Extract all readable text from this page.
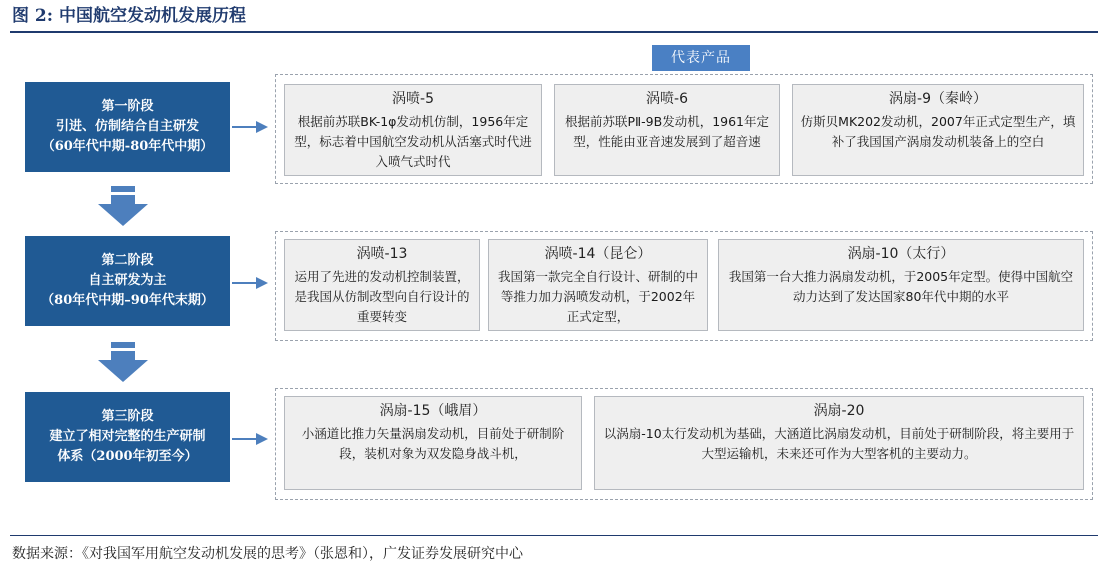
图 2: 中国航空发动机发展历程
代表产品
第一阶段
引进、仿制结合自主研发
（60年代中期-80年代中期）
涡喷-5
根据前苏联BK-1φ发动机仿制，1956年定型，标志着中国航空发动机从活塞式时代进入喷气式时代
涡喷-6
根据前苏联PⅡ-9B发动机，1961年定型，性能由亚音速发展到了超音速
涡扇-9（秦岭）
仿斯贝MK202发动机，2007年正式定型生产，填补了我国国产涡扇发动机装备上的空白
第二阶段
自主研发为主
（80年代中期–90年代末期）
涡喷-13
运用了先进的发动机控制装置，是我国从仿制改型向自行设计的重要转变
涡喷-14（昆仑）
我国第一款完全自行设计、研制的中等推力加力涡喷发动机，于2002年正式定型，
涡扇-10（太行）
我国第一台大推力涡扇发动机，于2005年定型。使得中国航空动力达到了发达国家80年代中期的水平
第三阶段
建立了相对完整的生产研制
体系（2000年初至今）
涡扇-15（峨眉）
小涵道比推力矢量涡扇发动机，目前处于研制阶段，装机对象为双发隐身战斗机，
涡扇-20
以涡扇-10太行发动机为基础，大涵道比涡扇发动机，目前处于研制阶段，将主要用于大型运输机，未来还可作为大型客机的主要动力。
数据来源：《对我国军用航空发动机发展的思考》（张恩和），广发证券发展研究中心
